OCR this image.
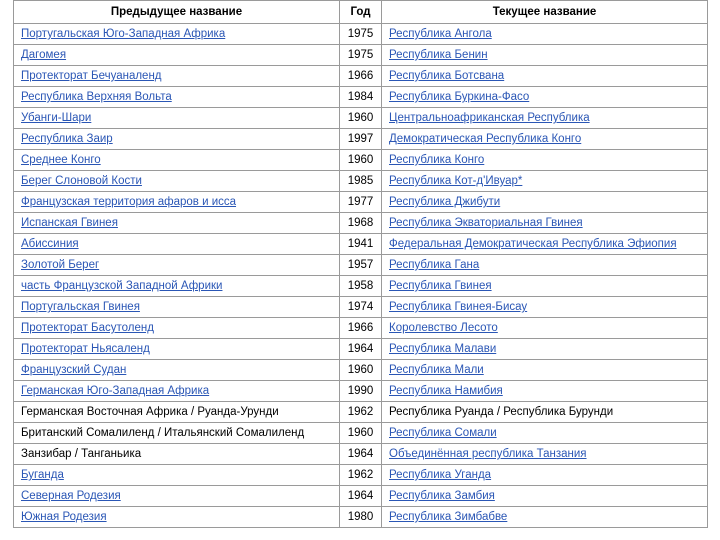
Предыдущее название	Год	Текущее название
Португальская Юго-Западная Африка	1975	Республика Ангола
Дагомея	1975	Республика Бенин
Протекторат Бечуаналенд	1966	Республика Ботсвана
Республика Верхняя Вольта	1984	Республика Буркина-Фасо
Убанги-Шари	1960	Центральноафриканская Республика
Республика Заир	1997	Демократическая Республика Конго
Среднее Конго	1960	Республика Конго
Берег Слоновой Кости	1985	Республика Кот-д'Ивуар*
Французская территория афаров и исса	1977	Республика Джибути
Испанская Гвинея	1968	Республика Экваториальная Гвинея
Абиссиния	1941	Федеральная Демократическая Республика Эфиопия
Золотой Берег	1957	Республика Гана
часть Французской Западной Африки	1958	Республика Гвинея
Португальская Гвинея	1974	Республика Гвинея-Бисау
Протекторат Басутоленд	1966	Королевство Лесото
Протекторат Ньясаленд	1964	Республика Малави
Французский Судан	1960	Республика Мали
Германская Юго-Западная Африка	1990	Республика Намибия
Германская Восточная Африка / Руанда-Урунди	1962	Республика Руанда / Республика Бурунди
Британский Сомалиленд / Итальянский Сомалиленд	1960	Республика Сомали
Занзибар / Танганьика	1964	Объединённая республика Танзания
Буганда	1962	Республика Уганда
Северная Родезия	1964	Республика Замбия
Южная Родезия	1980	Республика Зимбабве
